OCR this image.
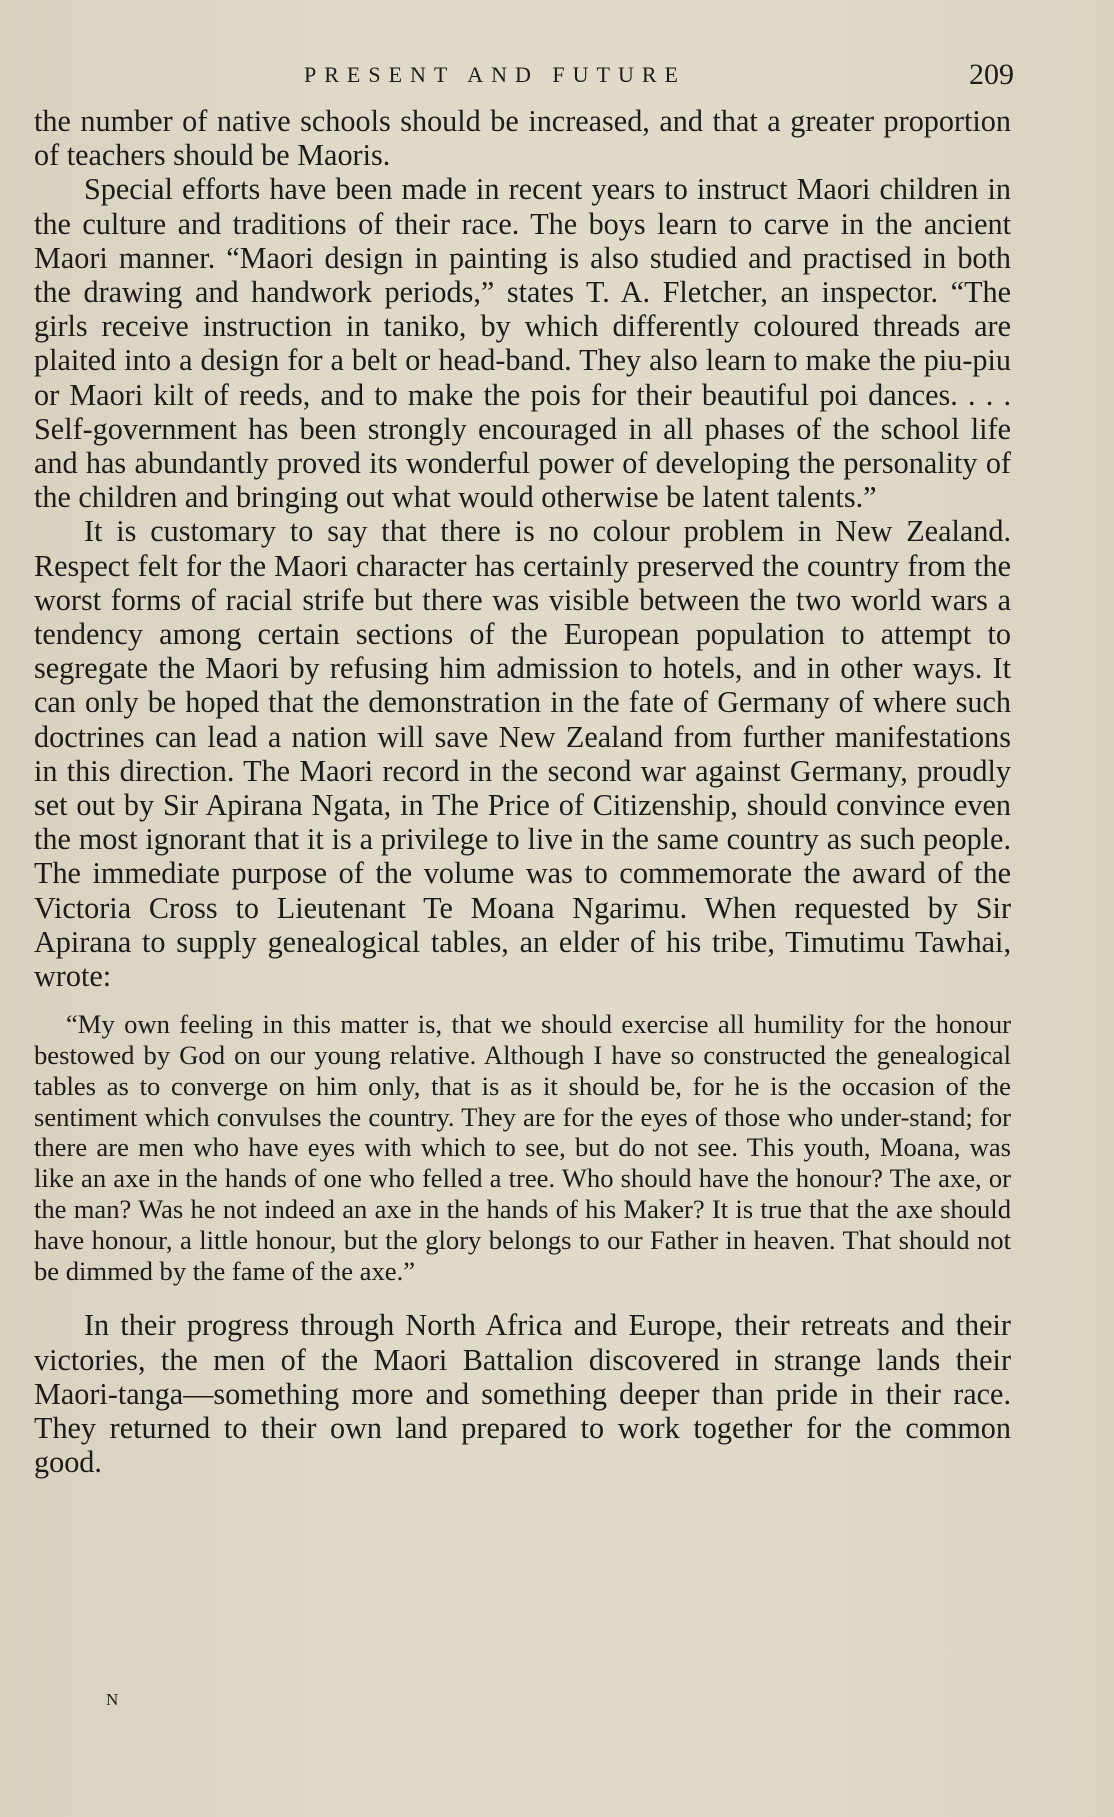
PRESENT AND FUTURE	209

the number of native schools should be increased, and that a greater proportion of teachers should be Maoris.

Special efforts have been made in recent years to instruct Maori children in the culture and traditions of their race. The boys learn to carve in the ancient Maori manner. “Maori design in painting is also studied and practised in both the drawing and handwork periods,” states T. A. Fletcher, an inspector. “The girls receive instruction in taniko, by which differently coloured threads are plaited into a design for a belt or head-band. They also learn to make the piu-piu or Maori kilt of reeds, and to make the pois for their beautiful poi dances. . . . Self-government has been strongly encouraged in all phases of the school life and has abundantly proved its wonderful power of developing the personality of the children and bringing out what would otherwise be latent talents.”

It is customary to say that there is no colour problem in New Zealand. Respect felt for the Maori character has certainly preserved the country from the worst forms of racial strife but there was visible between the two world wars a tendency among certain sections of the European population to attempt to segregate the Maori by refusing him admission to hotels, and in other ways. It can only be hoped that the demonstration in the fate of Germany of where such doctrines can lead a nation will save New Zealand from further manifestations in this direction. The Maori record in the second war against Germany, proudly set out by Sir Apirana Ngata, in The Price of Citizenship, should convince even the most ignorant that it is a privilege to live in the same country as such people. The immediate purpose of the volume was to commemorate the award of the Victoria Cross to Lieutenant Te Moana Ngarimu. When requested by Sir Apirana to supply genealogical tables, an elder of his tribe, Timutimu Tawhai, wrote:

“My own feeling in this matter is, that we should exercise all humility for the honour bestowed by God on our young relative. Although I have so constructed the genealogical tables as to converge on him only, that is as it should be, for he is the occasion of the sentiment which convulses the country. They are for the eyes of those who under-stand; for there are men who have eyes with which to see, but do not see. This youth, Moana, was like an axe in the hands of one who felled a tree. Who should have the honour? The axe, or the man? Was he not indeed an axe in the hands of his Maker? It is true that the axe should have honour, a little honour, but the glory belongs to our Father in heaven. That should not be dimmed by the fame of the axe.”

In their progress through North Africa and Europe, their retreats and their victories, the men of the Maori Battalion discovered in strange lands their Maori-tanga—something more and something deeper than pride in their race. They returned to their own land prepared to work together for the common good.

N
